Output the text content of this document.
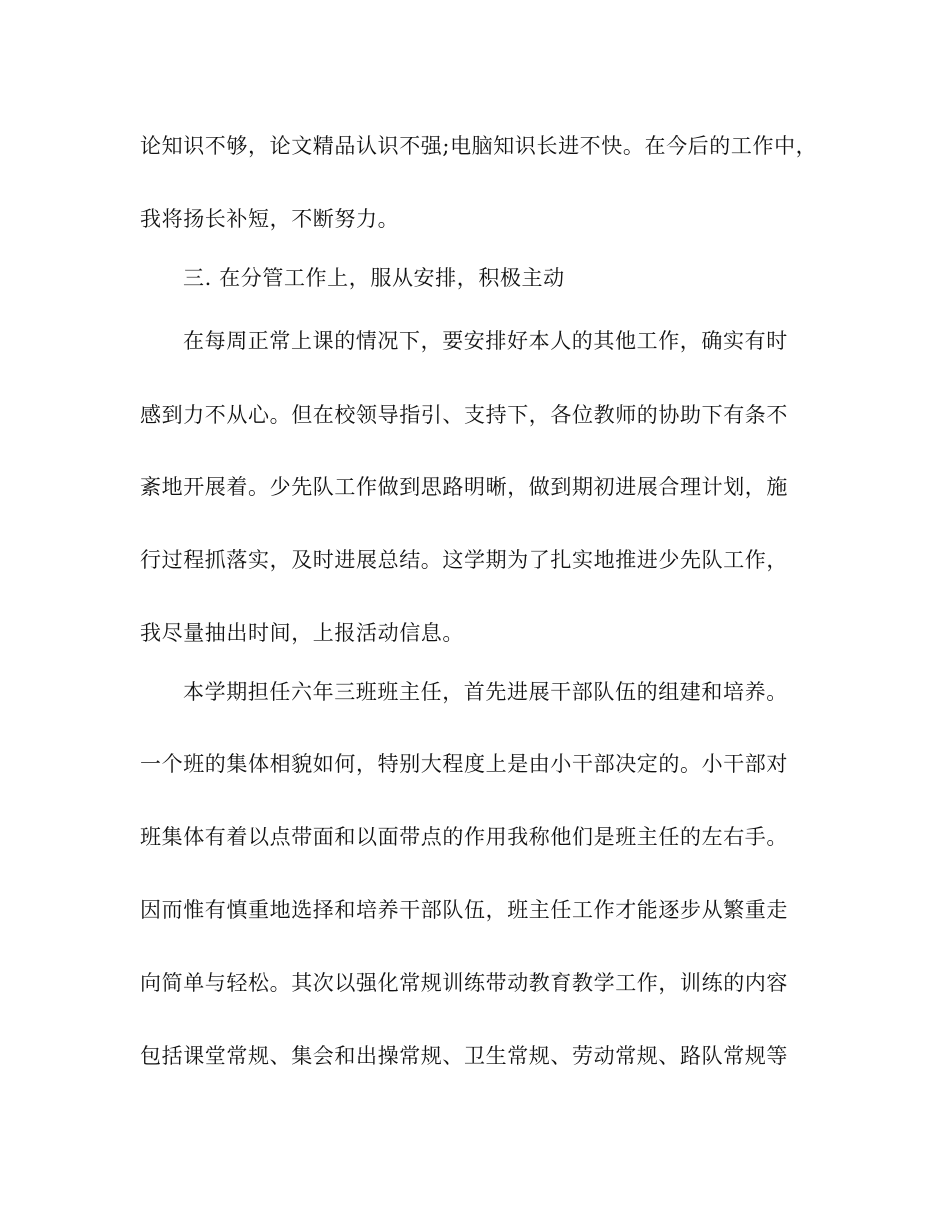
论知识不够，论文精品认识不强;电脑知识长进不快。在今后的工作中，
我将扬长补短，不断努力。
三. 在分管工作上，服从安排，积极主动
在每周正常上课的情况下，要安排好本人的其他工作，确实有时
感到力不从心。但在校领导指引、支持下，各位教师的协助下有条不
紊地开展着。少先队工作做到思路明晰，做到期初进展合理计划，施
行过程抓落实，及时进展总结。这学期为了扎实地推进少先队工作，
我尽量抽出时间，上报活动信息。
本学期担任六年三班班主任，首先进展干部队伍的组建和培养。
一个班的集体相貌如何，特别大程度上是由小干部决定的。小干部对
班集体有着以点带面和以面带点的作用我称他们是班主任的左右手。
因而惟有慎重地选择和培养干部队伍，班主任工作才能逐步从繁重走
向简单与轻松。其次以强化常规训练带动教育教学工作，训练的内容
包括课堂常规、集会和出操常规、卫生常规、劳动常规、路队常规等
